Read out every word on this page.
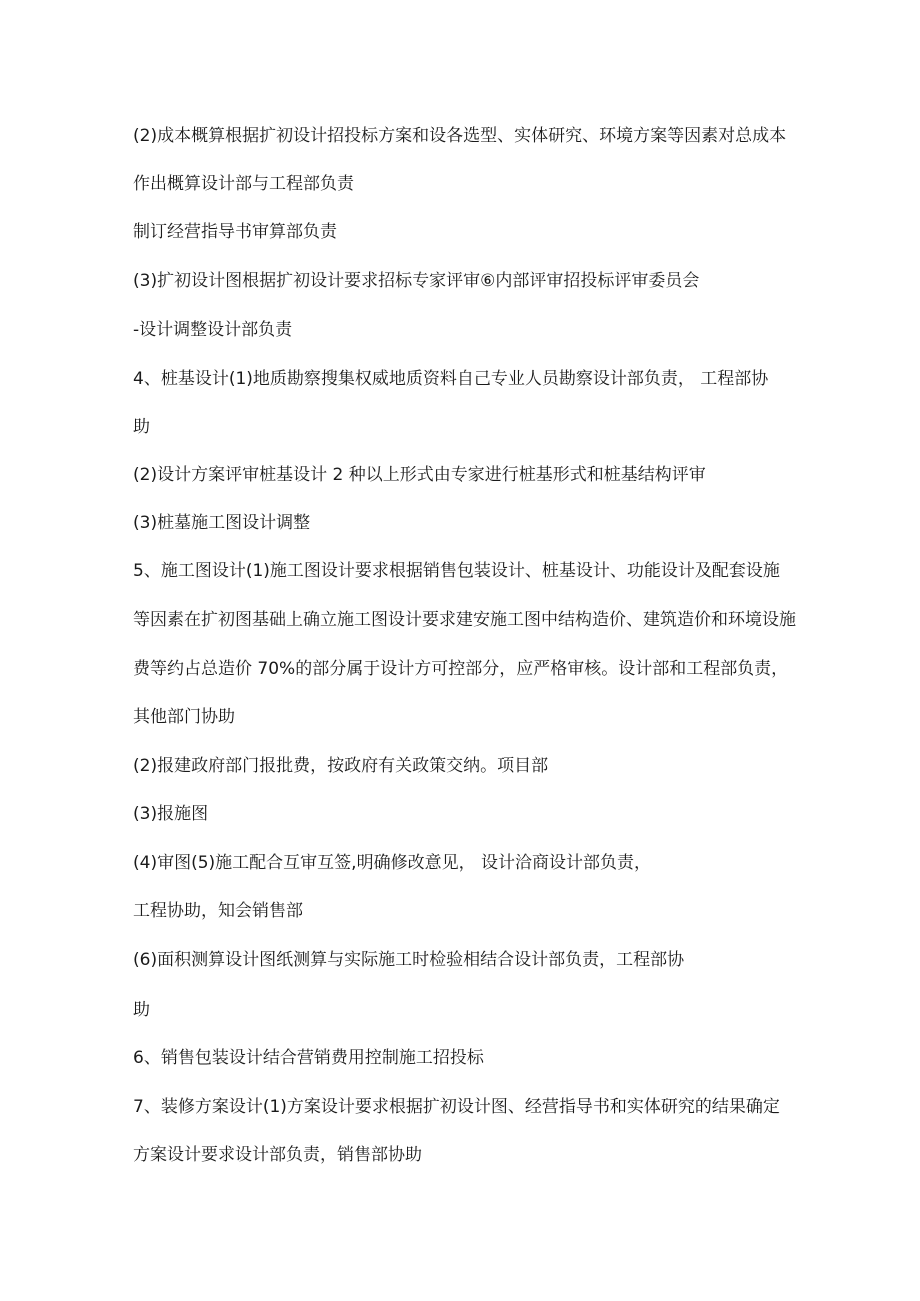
(2)成本概算根据扩初设计招投标方案和设各选型、实体研究、环境方案等因素对总成本
作出概算设计部与工程部负责
制订经营指导书审算部负责
(3)扩初设计图根据扩初设计要求招标专家评审⑥内部评审招投标评审委员会
-设计调整设计部负责
4、桩基设计(1)地质勘察搜集权威地质资料自己专业人员勘察设计部负责， 工程部协
助
(2)设计方案评审桩基设计 2 种以上形式由专家进行桩基形式和桩基结构评审
(3)桩墓施工图设计调整
5、施工图设计(1)施工图设计要求根据销售包装设计、桩基设计、功能设计及配套设施
等因素在扩初图基础上确立施工图设计要求建安施工图中结构造价、建筑造价和环境设施
费等约占总造价 70%的部分属于设计方可控部分，应严格审核。设计部和工程部负责，
其他部门协助
(2)报建政府部门报批费，按政府有关政策交纳。项目部
(3)报施图
(4)审图(5)施工配合互审互签,明确修改意见， 设计洽商设计部负责，
工程协助，知会销售部
(6)面积测算设计图纸测算与实际施工时检验相结合设计部负责，工程部协
助
6、销售包装设计结合营销费用控制施工招投标
7、装修方案设计(1)方案设计要求根据扩初设计图、经营指导书和实体研究的结果确定
方案设计要求设计部负责，销售部协助
